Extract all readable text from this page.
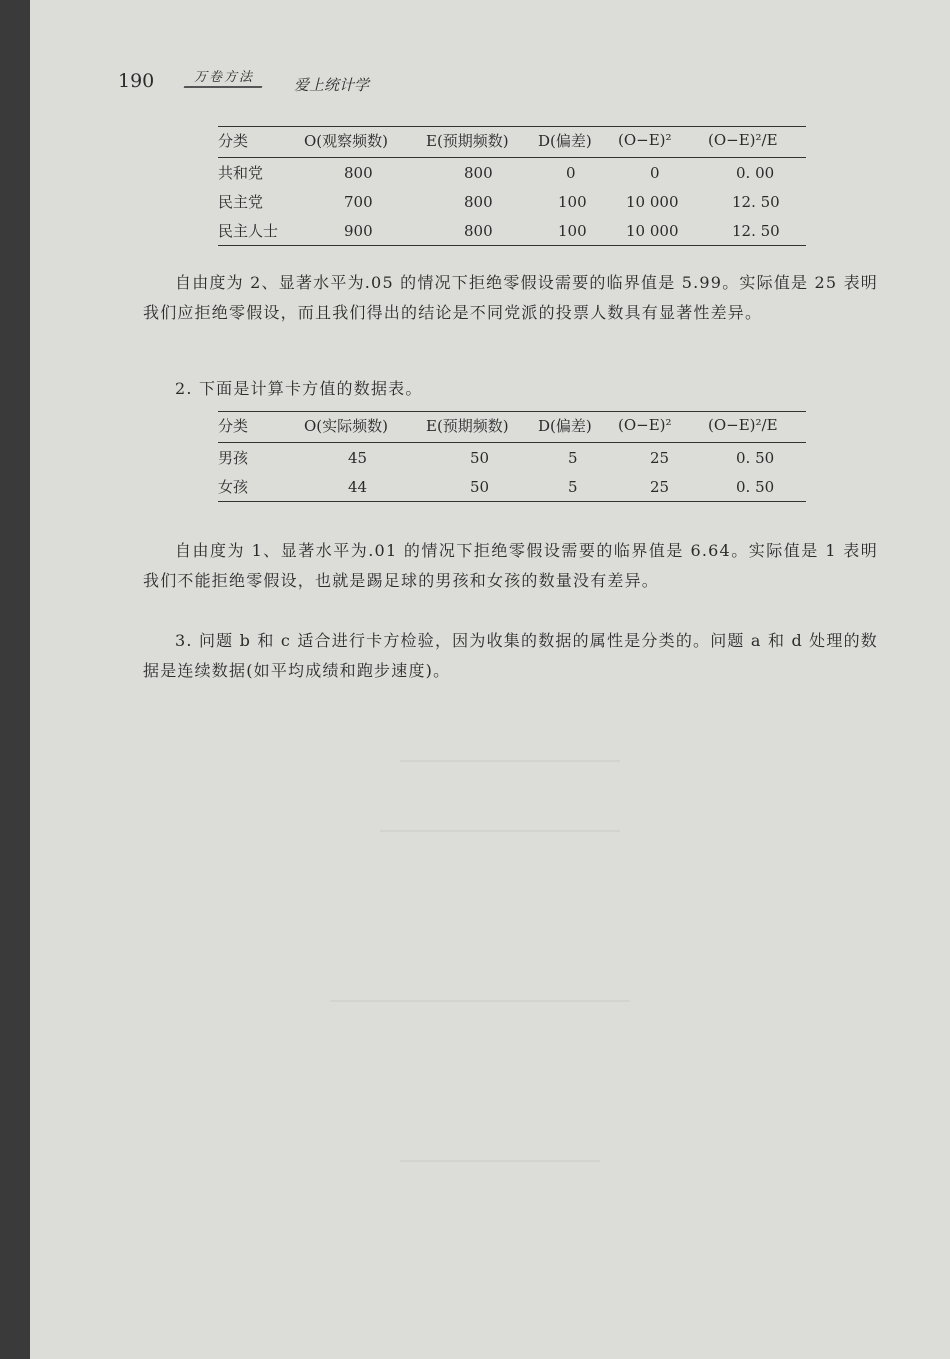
190	万卷方法	爱上统计学
分类	O(观察频数)	E(预期频数)	D(偏差)	(O−E)²	(O−E)²/E
共和党	800	800	0	0	0. 00
民主党	700	800	100	10 000	12. 50
民主人士	900	800	100	10 000	12. 50

自由度为 2、显著水平为.05 的情况下拒绝零假设需要的临界值是 5.99。实际值是 25 表明我们应拒绝零假设，而且我们得出的结论是不同党派的投票人数具有显著性差异。

2. 下面是计算卡方值的数据表。

分类	O(实际频数)	E(预期频数)	D(偏差)	(O−E)²	(O−E)²/E
男孩	45	50	5	25	0. 50
女孩	44	50	5	25	0. 50

自由度为 1、显著水平为.01 的情况下拒绝零假设需要的临界值是 6.64。实际值是 1 表明我们不能拒绝零假设，也就是踢足球的男孩和女孩的数量没有差异。

3. 问题 b 和 c 适合进行卡方检验，因为收集的数据的属性是分类的。问题 a 和 d 处理的数据是连续数据(如平均成绩和跑步速度)。
